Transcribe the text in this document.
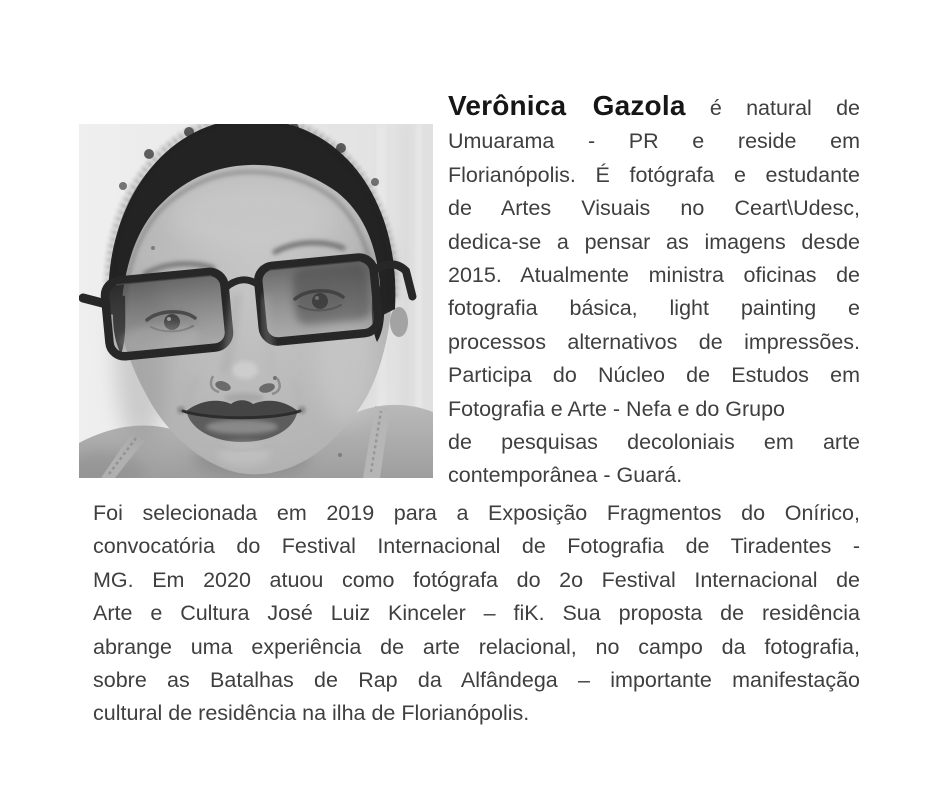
Verônica Gazola é natural de
Umuarama - PR e reside em
Florianópolis. É fotógrafa e estudante
de Artes Visuais no Ceart\Udesc,
dedica-se a pensar as imagens desde
2015. Atualmente ministra oficinas de
fotografia básica, light painting e
processos alternativos de impressões.
Participa do Núcleo de Estudos em
Fotografia e Arte - Nefa e do Grupo
de pesquisas decoloniais em arte
contemporânea - Guará.
Foi selecionada em 2019 para a Exposição Fragmentos do Onírico,
convocatória do Festival Internacional de Fotografia de Tiradentes -
MG. Em 2020 atuou como fotógrafa do 2o Festival Internacional de
Arte e Cultura José Luiz Kinceler – fiK. Sua proposta de residência
abrange uma experiência de arte relacional, no campo da fotografia,
sobre as Batalhas de Rap da Alfândega – importante manifestação
cultural de residência na ilha de Florianópolis.
